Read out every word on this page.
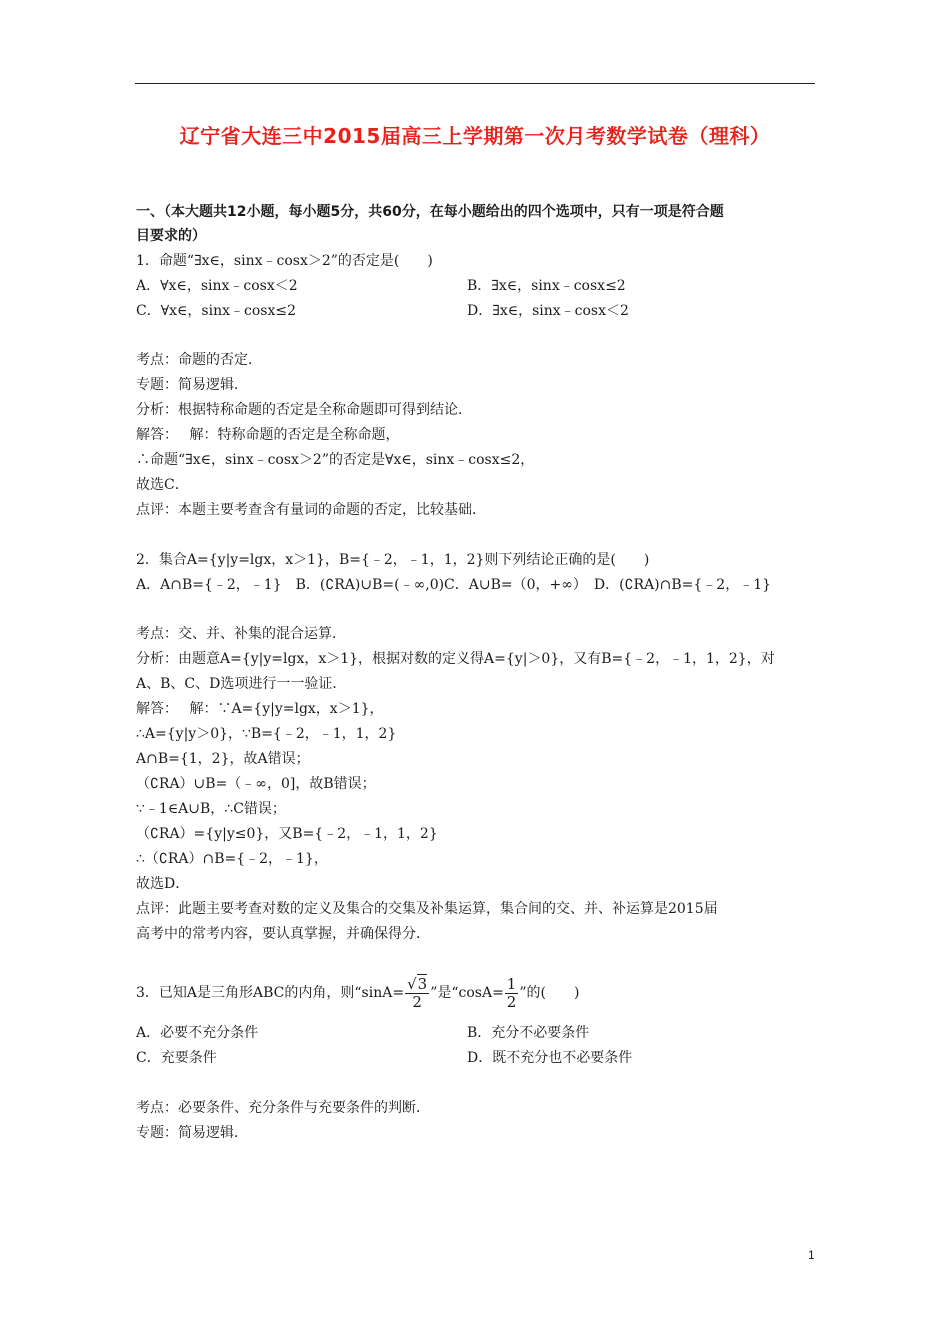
辽宁省大连三中2015届高三上学期第一次月考数学试卷（理科）
一、（本大题共12小题，每小题5分，共60分，在每小题给出的四个选项中，只有一项是符合题
目要求的）
1．命题“∃x∈，sinx﹣cosx＞2”的否定是(　　)
A．∀x∈，sinx﹣cosx＜2	B．∃x∈，sinx﹣cosx≤2
C．∀x∈，sinx﹣cosx≤2	D．∃x∈，sinx﹣cosx＜2
考点：命题的否定．
专题：简易逻辑．
分析：根据特称命题的否定是全称命题即可得到结论．
解答：　 解：特称命题的否定是全称命题，
∴命题“∃x∈，sinx﹣cosx＞2”的否定是∀x∈，sinx﹣cosx≤2，
故选C．
点评：本题主要考查含有量词的命题的否定，比较基础．
2．集合A={y|y=lgx，x＞1}，B={﹣2，﹣1，1，2}则下列结论正确的是(　　)
A．A∩B={﹣2，﹣1}　B．(∁RA)∪B=(﹣∞,0)C．A∪B=（0，+∞）　D．(∁RA)∩B={﹣2，﹣1}
考点：交、并、补集的混合运算．
分析：由题意A={y|y=lgx，x＞1}，根据对数的定义得A={y|＞0}，又有B={﹣2，﹣1，1，2}，对
A、B、C、D选项进行一一验证．
解答：　 解：∵A={y|y=lgx，x＞1}，
∴A={y|y＞0}，∵B={﹣2，﹣1，1，2}
A∩B={1，2}，故A错误；
（∁RA）∪B=（﹣∞，0]，故B错误；
∵﹣1∈A∪B，∴C错误；
（∁RA）={y|y≤0}，又B={﹣2，﹣1，1，2}
∴（∁RA）∩B={﹣2，﹣1}，
故选D．
点评：此题主要考查对数的定义及集合的交集及补集运算，集合间的交、并、补运算是2015届
高考中的常考内容，要认真掌握，并确保得分．
3．已知A是三角形ABC的内角，则“$\sin A= \frac{√3}{2}$ ”是“$\cos A= \frac{1}{2}$ ”的(　　)
A．必要不充分条件	B．充分不必要条件
C．充要条件	D．既不充分也不必要条件
考点：必要条件、充分条件与充要条件的判断．
专题：简易逻辑．
1
